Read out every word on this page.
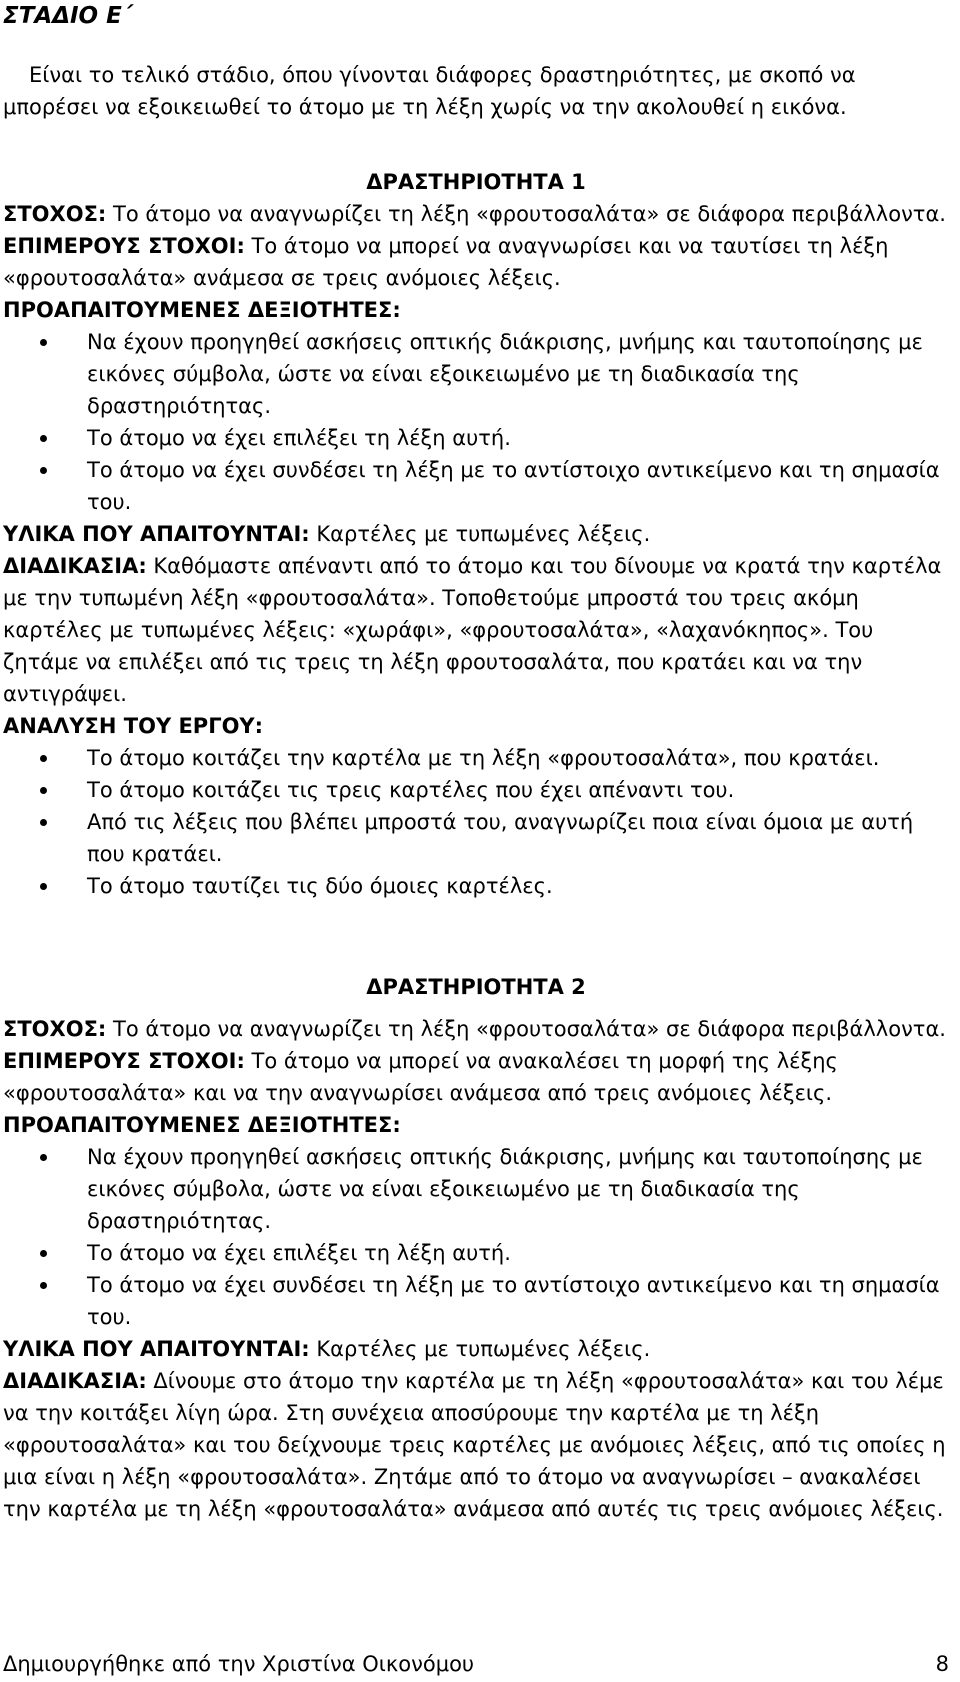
ΣΤΑΔΙΟ Ε΄

Είναι το τελικό στάδιο, όπου γίνονται διάφορες δραστηριότητες, με σκοπό να μπορέσει να εξοικειωθεί το άτομο με τη λέξη χωρίς να την ακολουθεί η εικόνα.

ΔΡΑΣΤΗΡΙΟΤΗΤΑ 1

ΣΤΟΧΟΣ: Το άτομο να αναγνωρίζει τη λέξη «φρουτοσαλάτα» σε διάφορα περιβάλλοντα.

ΕΠΙΜΕΡΟΥΣ ΣΤΟΧΟΙ: Το άτομο να μπορεί να αναγνωρίσει και να ταυτίσει τη λέξη «φρουτοσαλάτα» ανάμεσα σε τρεις ανόμοιες λέξεις.

ΠΡΟΑΠΑΙΤΟΥΜΕΝΕΣ ΔΕΞΙΟΤΗΤΕΣ:

Να έχουν προηγηθεί ασκήσεις οπτικής διάκρισης, μνήμης και ταυτοποίησης με εικόνες σύμβολα, ώστε να είναι εξοικειωμένο με τη διαδικασία της δραστηριότητας.
Το άτομο να έχει επιλέξει τη λέξη αυτή.
Το άτομο να έχει συνδέσει τη λέξη με το αντίστοιχο αντικείμενο και τη σημασία του.

ΥΛΙΚΑ ΠΟΥ ΑΠΑΙΤΟΥΝΤΑΙ: Καρτέλες με τυπωμένες λέξεις.

ΔΙΑΔΙΚΑΣΙΑ: Καθόμαστε απέναντι από το άτομο και του δίνουμε να κρατά την καρτέλα με την τυπωμένη λέξη «φρουτοσαλάτα». Τοποθετούμε μπροστά του τρεις ακόμη καρτέλες με τυπωμένες λέξεις: «χωράφι», «φρουτοσαλάτα», «λαχανόκηπος». Του ζητάμε να επιλέξει από τις τρεις τη λέξη φρουτοσαλάτα, που κρατάει και να την αντιγράψει.

ΑΝΑΛΥΣΗ ΤΟΥ ΕΡΓΟΥ:

Το άτομο κοιτάζει την καρτέλα με τη λέξη «φρουτοσαλάτα», που κρατάει.
Το άτομο κοιτάζει τις τρεις καρτέλες που έχει απέναντι του.
Από τις λέξεις που βλέπει μπροστά του, αναγνωρίζει ποια είναι όμοια με αυτή που κρατάει.
Το άτομο ταυτίζει τις δύο όμοιες καρτέλες.

ΔΡΑΣΤΗΡΙΟΤΗΤΑ 2

ΣΤΟΧΟΣ: Το άτομο να αναγνωρίζει τη λέξη «φρουτοσαλάτα» σε διάφορα περιβάλλοντα.

ΕΠΙΜΕΡΟΥΣ ΣΤΟΧΟΙ: Το άτομο να μπορεί να ανακαλέσει τη μορφή της λέξης «φρουτοσαλάτα» και να την αναγνωρίσει ανάμεσα από τρεις ανόμοιες λέξεις.

ΠΡΟΑΠΑΙΤΟΥΜΕΝΕΣ ΔΕΞΙΟΤΗΤΕΣ:

Να έχουν προηγηθεί ασκήσεις οπτικής διάκρισης, μνήμης και ταυτοποίησης με εικόνες σύμβολα, ώστε να είναι εξοικειωμένο με τη διαδικασία της δραστηριότητας.
Το άτομο να έχει επιλέξει τη λέξη αυτή.
Το άτομο να έχει συνδέσει τη λέξη με το αντίστοιχο αντικείμενο και τη σημασία του.

ΥΛΙΚΑ ΠΟΥ ΑΠΑΙΤΟΥΝΤΑΙ: Καρτέλες με τυπωμένες λέξεις.

ΔΙΑΔΙΚΑΣΙΑ: Δίνουμε στο άτομο την καρτέλα με τη λέξη «φρουτοσαλάτα» και του λέμε να την κοιτάξει λίγη ώρα. Στη συνέχεια αποσύρουμε την καρτέλα με τη λέξη «φρουτοσαλάτα» και του δείχνουμε τρεις καρτέλες με ανόμοιες λέξεις, από τις οποίες η μια είναι η λέξη «φρουτοσαλάτα». Ζητάμε από το άτομο να αναγνωρίσει – ανακαλέσει την καρτέλα με τη λέξη «φρουτοσαλάτα» ανάμεσα από αυτές τις τρεις ανόμοιες λέξεις.

Δημιουργήθηκε από την Χριστίνα Οικονόμου	8
